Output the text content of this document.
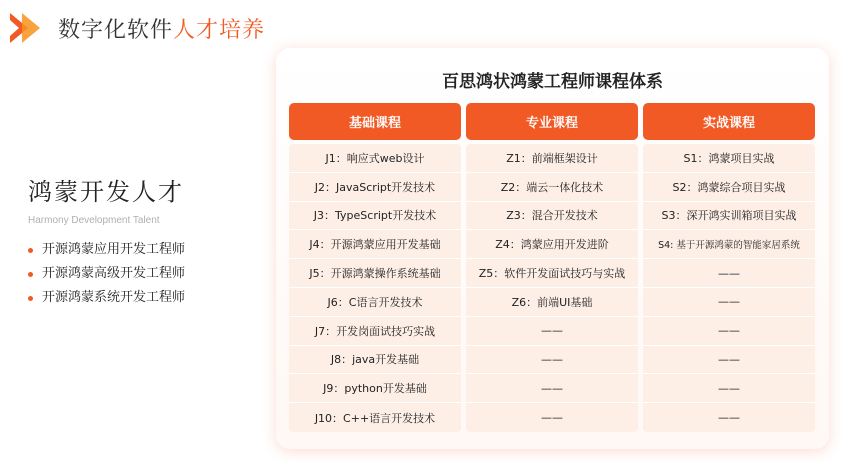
数字化软件人才培养
鸿蒙开发人才
Harmony Development Talent
开源鸿蒙应用开发工程师
开源鸿蒙高级开发工程师
开源鸿蒙系统开发工程师
百思鸿状鸿蒙工程师课程体系
基础课程
J1：响应式web设计
J2：JavaScript开发技术
J3：TypeScript开发技术
J4：开源鸿蒙应用开发基础
J5：开源鸿蒙操作系统基础
J6：C语言开发技术
J7：开发岗面试技巧实战
J8：java开发基础
J9：python开发基础
J10：C++语言开发技术
专业课程
Z1：前端框架设计
Z2：端云一体化技术
Z3：混合开发技术
Z4：鸿蒙应用开发进阶
Z5：软件开发面试技巧与实战
Z6：前端UI基础
——
——
——
——
实战课程
S1：鸿蒙项目实战
S2：鸿蒙综合项目实战
S3：深开鸿实训箱项目实战
S4: 基于开源鸿蒙的智能家居系统
——
——
——
——
——
——
